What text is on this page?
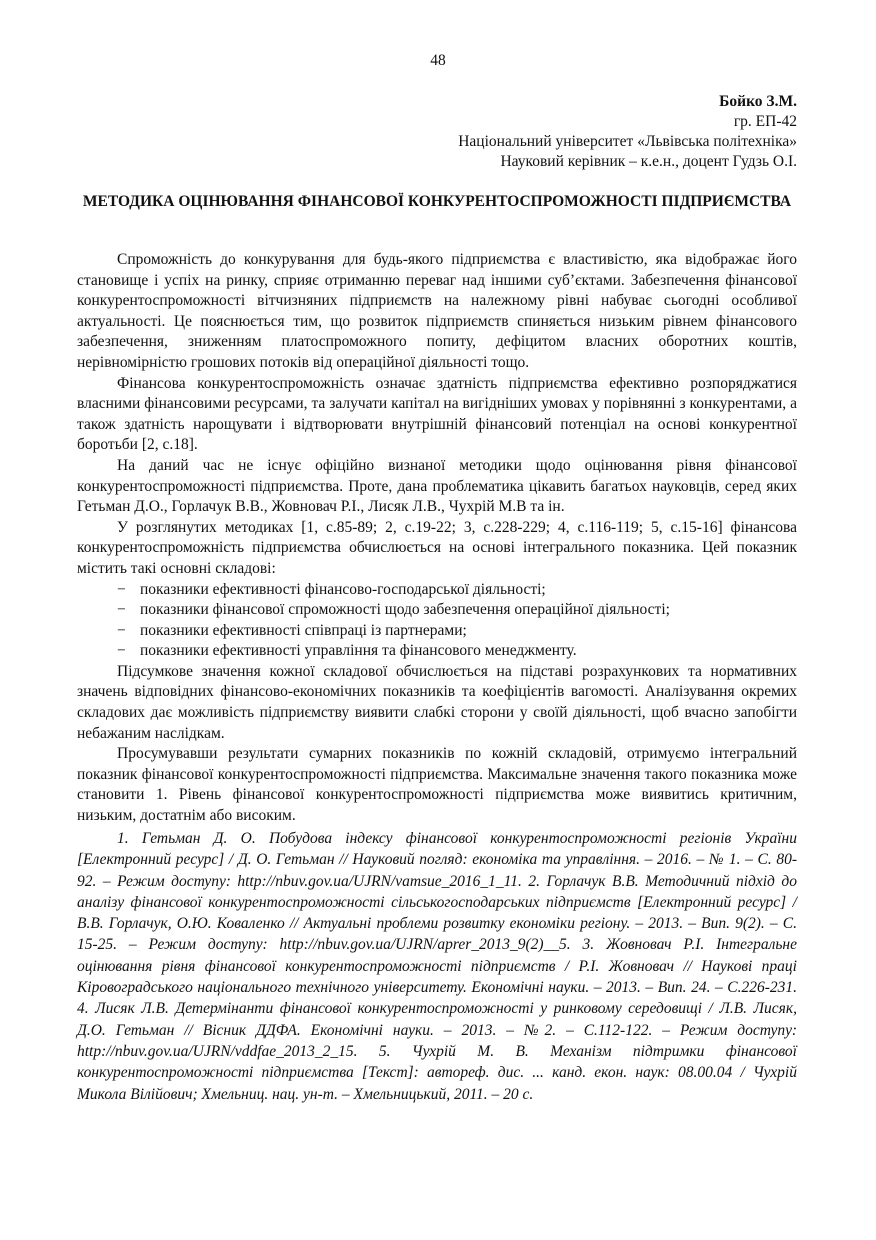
48
Бойко З.М.
гр. ЕП-42
Національний університет «Львівська політехніка»
Науковий керівник – к.е.н., доцент Гудзь О.І.
МЕТОДИКА ОЦІНЮВАННЯ ФІНАНСОВОЇ КОНКУРЕНТОСПРОМОЖНОСТІ ПІДПРИЄМСТВА

Спроможність до конкурування для будь-якого підприємства є властивістю, яка відображає його становище і успіх на ринку, сприяє отриманню переваг над іншими суб’єктами. Забезпечення фінансової конкурентоспроможності вітчизняних підприємств на належному рівні набуває сьогодні особливої актуальності. Це пояснюється тим, що розвиток підприємств спиняється низьким рівнем фінансового забезпечення, зниженням платоспроможного попиту, дефіцитом власних оборотних коштів, нерівномірністю грошових потоків від операційної діяльності тощо.

Фінансова конкурентоспроможність означає здатність підприємства ефективно розпоряджатися власними фінансовими ресурсами, та залучати капітал на вигідніших умовах у порівнянні з конкурентами, а також здатність нарощувати і відтворювати внутрішній фінансовий потенціал на основі конкурентної боротьби [2, с.18].

На даний час не існує офіційно визнаної методики щодо оцінювання рівня фінансової конкурентоспроможності підприємства. Проте, дана проблематика цікавить багатьох науковців, серед яких Гетьман Д.О., Горлачук В.В., Жовновач Р.І., Лисяк Л.В., Чухрій М.В та ін.

У розглянутих методиках [1, с.85-89; 2, с.19-22; 3, с.228-229; 4, с.116-119; 5, с.15-16] фінансова конкурентоспроможність підприємства обчислюється на основі інтегрального показника. Цей показник містить такі основні складові:

− показники ефективності фінансово-господарської діяльності;
− показники фінансової спроможності щодо забезпечення операційної діяльності;
− показники ефективності співпраці із партнерами;
− показники ефективності управління та фінансового менеджменту.

Підсумкове значення кожної складової обчислюється на підставі розрахункових та нормативних значень відповідних фінансово-економічних показників та коефіцієнтів вагомості. Аналізування окремих складових дає можливість підприємству виявити слабкі сторони у своїй діяльності, щоб вчасно запобігти небажаним наслідкам.

Просумувавши результати сумарних показників по кожній складовій, отримуємо інтегральний показник фінансової конкурентоспроможності підприємства. Максимальне значення такого показника може становити 1. Рівень фінансової конкурентоспроможності підприємства може виявитись критичним, низьким, достатнім або високим.

1. Гетьман Д. О. Побудова індексу фінансової конкурентоспроможності регіонів України [Електронний ресурс] / Д. О. Гетьман // Науковий погляд: економіка та управління. – 2016. – № 1. – С. 80-92. – Режим доступу: http://nbuv.gov.ua/UJRN/vamsue_2016_1_11. 2. Горлачук В.В. Методичний підхід до аналізу фінансової конкурентоспроможності сільськогосподарських підприємств [Електронний ресурс] / В.В. Горлачук, О.Ю. Коваленко // Актуальні проблеми розвитку економіки регіону. – 2013. – Вип. 9(2). – С. 15-25. – Режим доступу: http://nbuv.gov.ua/UJRN/aprer_2013_9(2)__5. 3. Жовновач Р.І. Інтегральне оцінювання рівня фінансової конкурентоспроможності підприємств / Р.І. Жовновач // Наукові праці Кіровоградського національного технічного університету. Економічні науки. – 2013. – Вип. 24. – С.226-231. 4. Лисяк Л.В. Детермінанти фінансової конкурентоспроможності у ринковому середовищі / Л.В. Лисяк, Д.О. Гетьман // Вісник ДДФА. Економічні науки. – 2013. – №2. – С.112-122. – Режим доступу: http://nbuv.gov.ua/UJRN/vddfae_2013_2_15. 5. Чухрій М. В. Механізм підтримки фінансової конкурентоспроможності підприємства [Текст]: автореф. дис. ... канд. екон. наук: 08.00.04 / Чухрій Микола Вілійович; Хмельниц. нац. ун-т. – Хмельницький, 2011. – 20 с.
